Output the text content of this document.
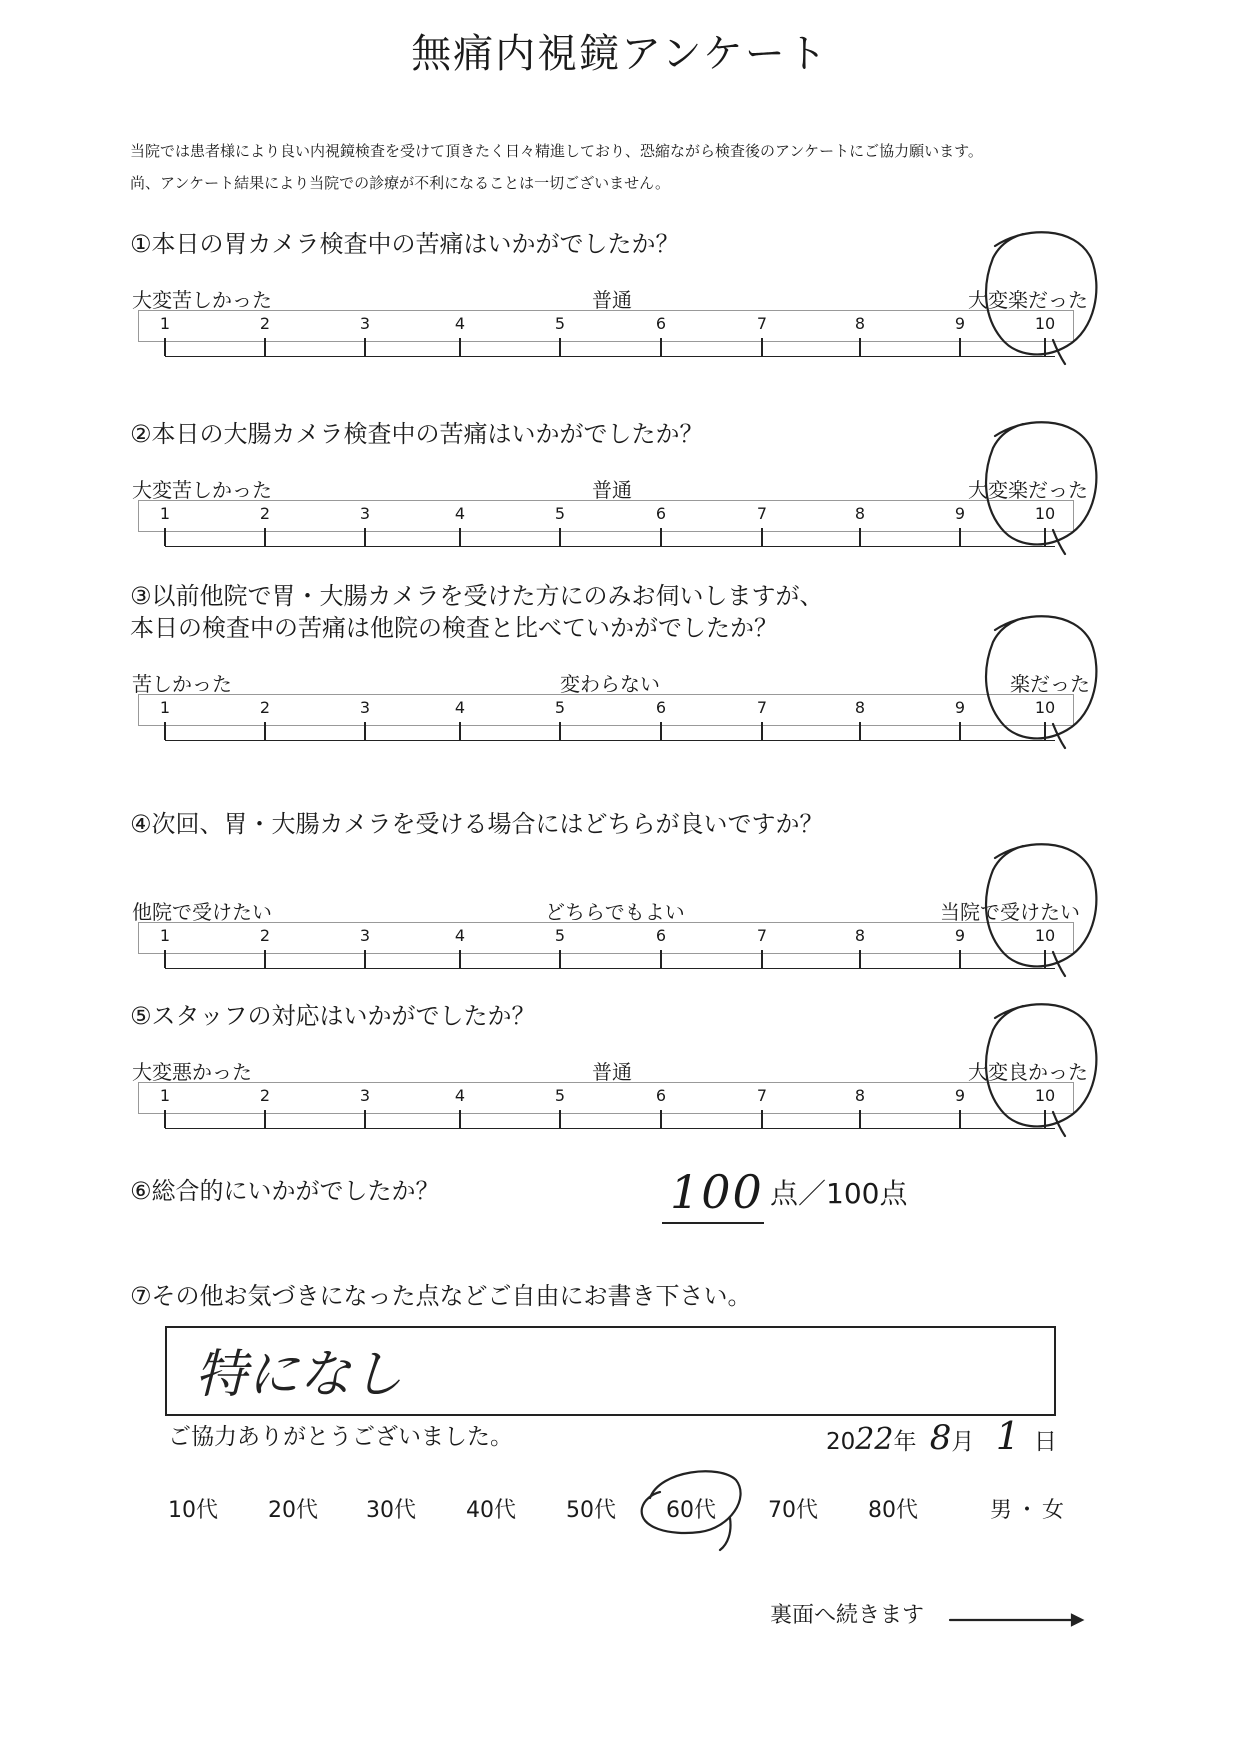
無痛内視鏡アンケート
当院では患者様により良い内視鏡検査を受けて頂きたく日々精進しており、恐縮ながら検査後のアンケートにご協力願います。
尚、アンケート結果により当院での診療が不利になることは一切ございません。
①本日の胃カメラ検査中の苦痛はいかがでしたか？
大変苦しかった	普通	大変楽だった
1	2	3	4	5	6	7	8	9	10
②本日の大腸カメラ検査中の苦痛はいかがでしたか？
大変苦しかった	普通	大変楽だった
1	2	3	4	5	6	7	8	9	10
③以前他院で胃・大腸カメラを受けた方にのみお伺いしますが、
本日の検査中の苦痛は他院の検査と比べていかがでしたか？
苦しかった	変わらない	楽だった
1	2	3	4	5	6	7	8	9	10
④次回、胃・大腸カメラを受ける場合にはどちらが良いですか？
他院で受けたい	どちらでもよい	当院で受けたい
1	2	3	4	5	6	7	8	9	10
⑤スタッフの対応はいかがでしたか？
大変悪かった	普通	大変良かった
1	2	3	4	5	6	7	8	9	10
⑥総合的にいかがでしたか？	100 点／100点
⑦その他お気づきになった点などご自由にお書き下さい。
特になし
ご協力ありがとうございました。	2022年 8月 1 日
10代 20代 30代 40代 50代 60代 70代 80代	男・女
裏面へ続きます
